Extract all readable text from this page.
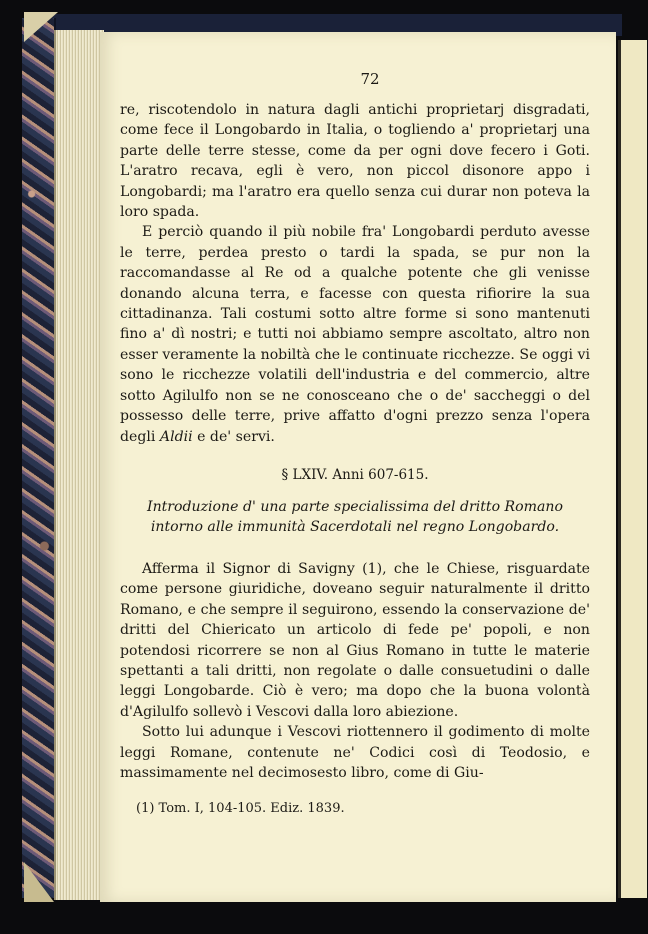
72

re, riscotendolo in natura dagli antichi proprietarj disgradati, come fece il Longobardo in Italia, o togliendo a' proprietarj una parte delle terre stesse, come da per ogni dove fecero i Goti. L'aratro recava, egli è vero, non piccol disonore appo i Longobardi; ma l'aratro era quello senza cui durar non poteva la loro spada.

E perciò quando il più nobile fra' Longobardi perduto avesse le terre, perdea presto o tardi la spada, se pur non la raccomandasse al Re od a qualche potente che gli venisse donando alcuna terra, e facesse con questa rifiorire la sua cittadinanza. Tali costumi sotto altre forme si sono mantenuti fino a' dì nostri; e tutti noi abbiamo sempre ascoltato, altro non esser veramente la nobiltà che le continuate ricchezze. Se oggi vi sono le ricchezze volatili dell'industria e del commercio, altre sotto Agilulfo non se ne conosceano che o de' saccheggi o del possesso delle terre, prive affatto d'ogni prezzo senza l'opera degli Aldii e de' servi.

§ LXIV. Anni 607-615.
Introduzione d' una parte specialissima del dritto Romano intorno alle immunità Sacerdotali nel regno Longobardo.

Afferma il Signor di Savigny (1), che le Chiese, risguardate come persone giuridiche, doveano seguir naturalmente il dritto Romano, e che sempre il seguirono, essendo la conservazione de' dritti del Chiericato un articolo di fede pe' popoli, e non potendosi ricorrere se non al Gius Romano in tutte le materie spettanti a tali dritti, non regolate o dalle consuetudini o dalle leggi Longobarde. Ciò è vero; ma dopo che la buona volontà d'Agilulfo sollevò i Vescovi dalla loro abiezione.

Sotto lui adunque i Vescovi riottennero il godimento di molte leggi Romane, contenute ne' Codici così di Teodosio, e massimamente nel decimosesto libro, come di Giu-

(1) Tom. I, 104-105. Ediz. 1839.
